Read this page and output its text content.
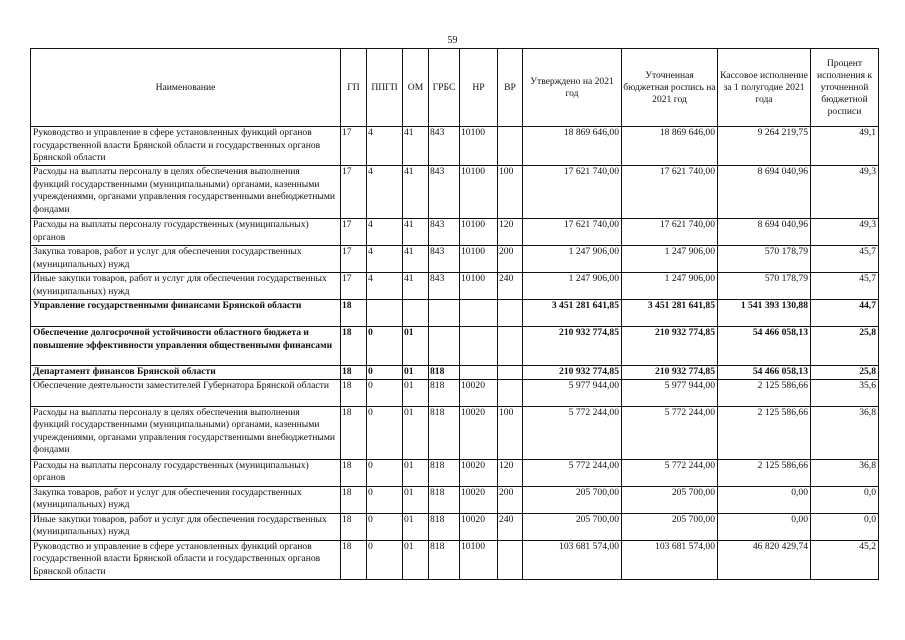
59
Наименование	ГП	ППГП	ОМ	ГРБС	НР	ВР	Утверждено на 2021 год	Уточненная бюджетная роспись на 2021 год	Кассовое исполнение за 1 полугодие 2021 года	Процент исполнения к уточненной бюджетной росписи
Руководство и управление в сфере установленных функций органов государственной власти Брянской области и государственных органов Брянской области	17	4	41	843	10100		18 869 646,00	18 869 646,00	9 264 219,75	49,1
Расходы на выплаты персоналу в целях обеспечения выполнения функций государственными (муниципальными) органами, казенными учреждениями, органами управления государственными внебюджетными фондами	17	4	41	843	10100	100	17 621 740,00	17 621 740,00	8 694 040,96	49,3
Расходы на выплаты персоналу государственных (муниципальных) органов	17	4	41	843	10100	120	17 621 740,00	17 621 740,00	8 694 040,96	49,3
Закупка товаров, работ и услуг для обеспечения государственных (муниципальных) нужд	17	4	41	843	10100	200	1 247 906,00	1 247 906,00	570 178,79	45,7
Иные закупки товаров, работ и услуг для обеспечения государственных (муниципальных) нужд	17	4	41	843	10100	240	1 247 906,00	1 247 906,00	570 178,79	45,7
Управление государственными финансами Брянской области	18						3 451 281 641,85	3 451 281 641,85	1 541 393 130,88	44,7
Обеспечение долгосрочной устойчивости областного бюджета и повышение эффективности управления общественными финансами	18	0	01				210 932 774,85	210 932 774,85	54 466 058,13	25,8
Департамент финансов Брянской области	18	0	01	818			210 932 774,85	210 932 774,85	54 466 058,13	25,8
Обеспечение деятельности заместителей Губернатора Брянской области	18	0	01	818	10020		5 977 944,00	5 977 944,00	2 125 586,66	35,6
Расходы на выплаты персоналу в целях обеспечения выполнения функций государственными (муниципальными) органами, казенными учреждениями, органами управления государственными внебюджетными фондами	18	0	01	818	10020	100	5 772 244,00	5 772 244,00	2 125 586,66	36,8
Расходы на выплаты персоналу государственных (муниципальных) органов	18	0	01	818	10020	120	5 772 244,00	5 772 244,00	2 125 586,66	36,8
Закупка товаров, работ и услуг для обеспечения государственных (муниципальных) нужд	18	0	01	818	10020	200	205 700,00	205 700,00	0,00	0,0
Иные закупки товаров, работ и услуг для обеспечения государственных (муниципальных) нужд	18	0	01	818	10020	240	205 700,00	205 700,00	0,00	0,0
Руководство и управление в сфере установленных функций органов государственной власти Брянской области и государственных органов Брянской области	18	0	01	818	10100		103 681 574,00	103 681 574,00	46 820 429,74	45,2
